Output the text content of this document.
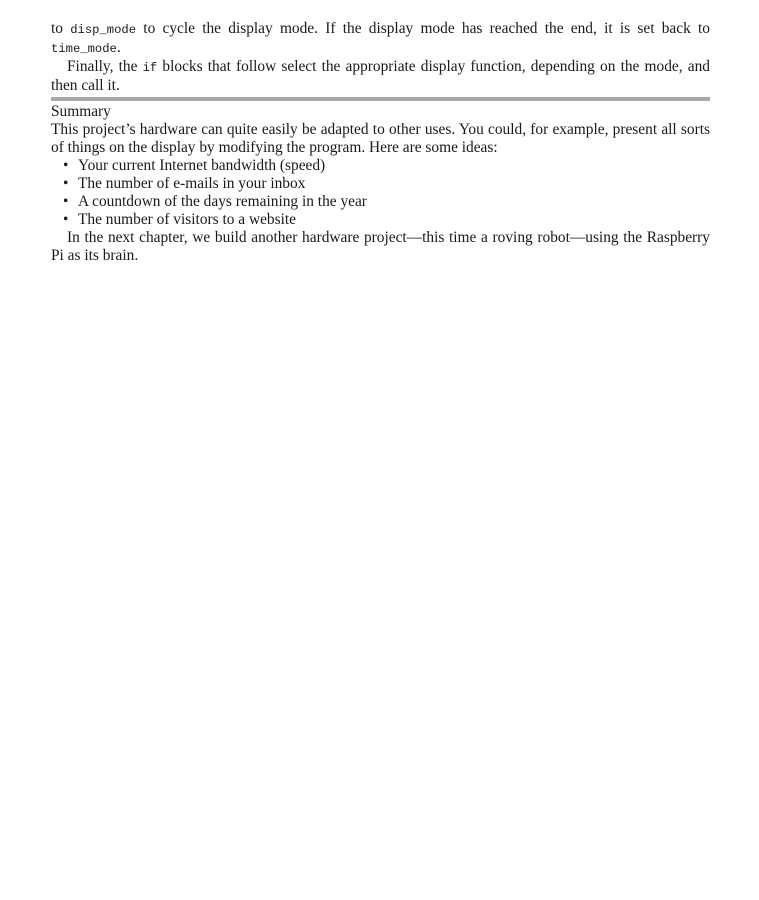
to disp_mode to cycle the display mode. If the display mode has reached the end, it is set back to time_mode.

Finally, the if blocks that follow select the appropriate display function, depending on the mode, and then call it.

Summary

This project’s hardware can quite easily be adapted to other uses. You could, for example, present all sorts of things on the display by modifying the program. Here are some ideas:

• Your current Internet bandwidth (speed)
• The number of e-mails in your inbox
• A countdown of the days remaining in the year
• The number of visitors to a website

In the next chapter, we build another hardware project—this time a roving robot—using the Raspberry Pi as its brain.
